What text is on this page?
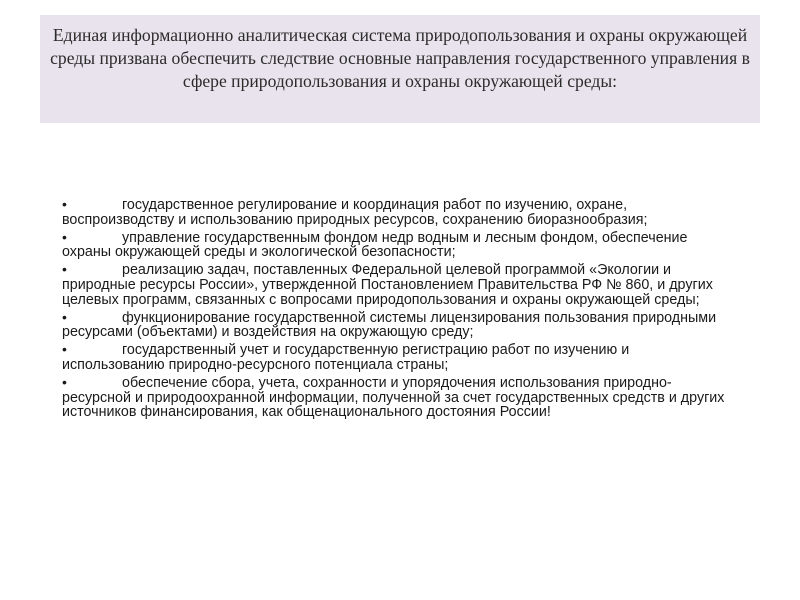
Единая информационно аналитическая система природопользования и охраны окружающей среды призвана обеспечить следствие основные направления государственного управления в сфере природопользования и охраны окружающей среды:

•	государственное регулирование и координация работ по изучению, охране, воспроизводству и использованию природных ресурсов, сохранению биоразнообразия;
•	управление государственным фондом недр водным и лесным фондом, обеспечение охраны окружающей среды и экологической безопасности;
•	реализацию задач, поставленных Федеральной целевой программой «Экологии и природные ресурсы России», утвержденной Постановлением Правительства РФ № 860, и других целевых программ, связанных с вопросами природопользования и охраны окружающей среды;
•	функционирование государственной системы лицензирования пользования природными ресурсами (объектами) и воздействия на окружающую среду;
•	государственный учет и государственную регистрацию работ по изучению и использованию природно-ресурсного потенциала страны;
•	обеспечение сбора, учета, сохранности и упорядочения использования природно-ресурсной и природоохранной информации, полученной за счет государственных средств и других источников финансирования, как общенационального достояния России!
